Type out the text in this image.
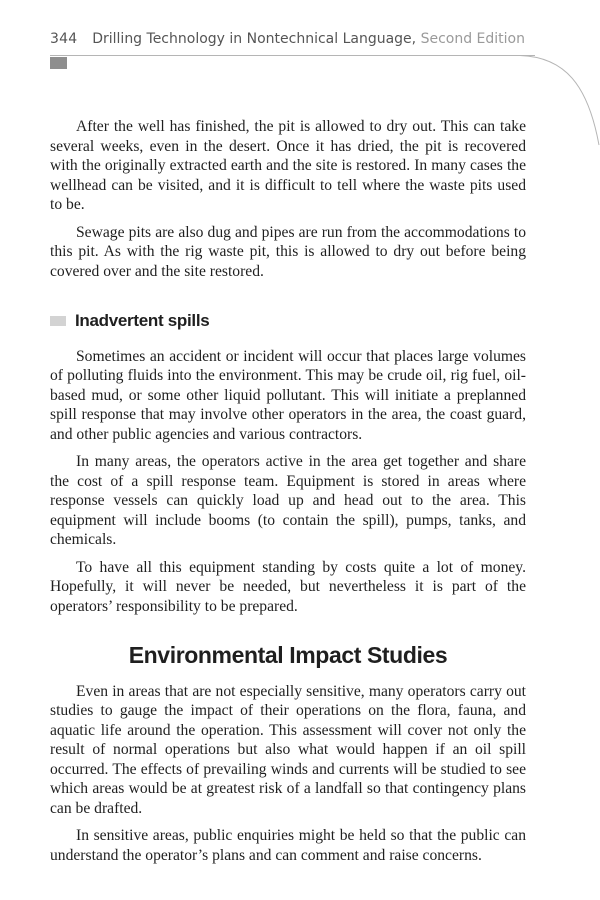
344 Drilling Technology in Nontechnical Language, Second Edition

After the well has finished, the pit is allowed to dry out. This can take several weeks, even in the desert. Once it has dried, the pit is recovered with the originally extracted earth and the site is restored. In many cases the wellhead can be visited, and it is difficult to tell where the waste pits used to be.

Sewage pits are also dug and pipes are run from the accommodations to this pit. As with the rig waste pit, this is allowed to dry out before being covered over and the site restored.

Inadvertent spills

Sometimes an accident or incident will occur that places large volumes of polluting fluids into the environment. This may be crude oil, rig fuel, oil-based mud, or some other liquid pollutant. This will initiate a preplanned spill response that may involve other operators in the area, the coast guard, and other public agencies and various contractors.

In many areas, the operators active in the area get together and share the cost of a spill response team. Equipment is stored in areas where response vessels can quickly load up and head out to the area. This equipment will include booms (to contain the spill), pumps, tanks, and chemicals.

To have all this equipment standing by costs quite a lot of money. Hopefully, it will never be needed, but nevertheless it is part of the operators’ responsibility to be prepared.

Environmental Impact Studies

Even in areas that are not especially sensitive, many operators carry out studies to gauge the impact of their operations on the flora, fauna, and aquatic life around the operation. This assessment will cover not only the result of normal operations but also what would happen if an oil spill occurred. The effects of prevailing winds and currents will be studied to see which areas would be at greatest risk of a landfall so that contingency plans can be drafted.

In sensitive areas, public enquiries might be held so that the public can understand the operator’s plans and can comment and raise concerns.
